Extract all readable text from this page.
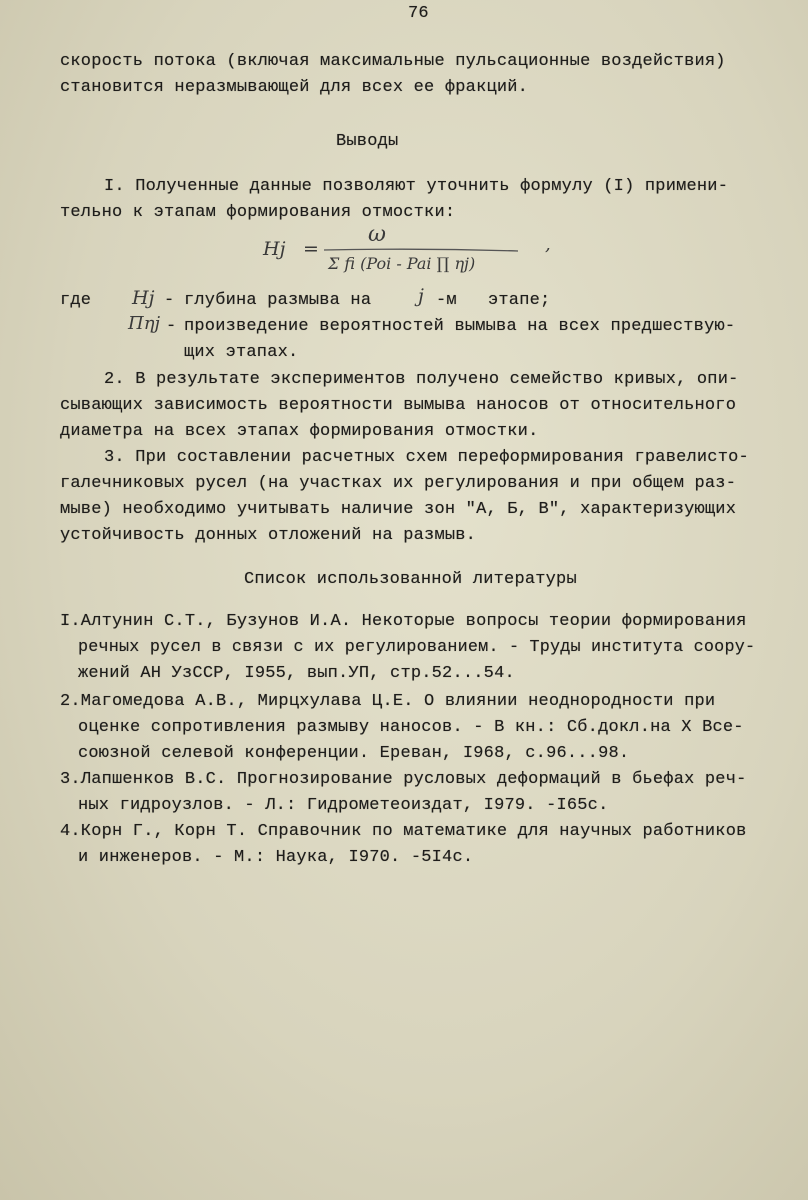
76
скорость потока (включая максимальные пульсационные воздействия)
становится неразмывающей для всех ее фракций.
Выводы
I. Полученные данные позволяют уточнить формулу (I) примени-
тельно к этапам формирования отмостки:
Hj =
ω
Σ fi (Poi - Pai ∏ ηj)
,
где Hj - глубина размыва на j -м   этапе;
Πηj - произведение вероятностей вымыва на всех предшествую-
щих этапах.
2. В результате экспериментов получено семейство кривых, опи-
сывающих зависимость вероятности вымыва наносов от относительного
диаметра на всех этапах формирования отмостки.
3. При составлении расчетных схем переформирования гравелисто-
галечниковых русел (на участках их регулирования и при общем раз-
мыве) необходимо учитывать наличие зон "А, Б, В", характеризующих
устойчивость донных отложений на размыв.
Список использованной литературы
I.Алтунин С.Т., Бузунов И.А. Некоторые вопросы теории формирования
речных русел в связи с их регулированием. - Труды института соору-
жений АН УзССР, I955, вып.УП, стр.52...54.
2.Магомедова А.В., Мирцхулава Ц.Е. О влиянии неоднородности при
оценке сопротивления размыву наносов. - В кн.: Сб.докл.на Х Все-
союзной селевой конференции. Ереван, I968, с.96...98.
3.Лапшенков В.С. Прогнозирование русловых деформаций в бьефах реч-
ных гидроузлов. - Л.: Гидрометеоиздат, I979. -I65с.
4.Корн Г., Корн Т. Справочник по математике для научных работников
и инженеров. - М.: Наука, I970. -5I4с.
